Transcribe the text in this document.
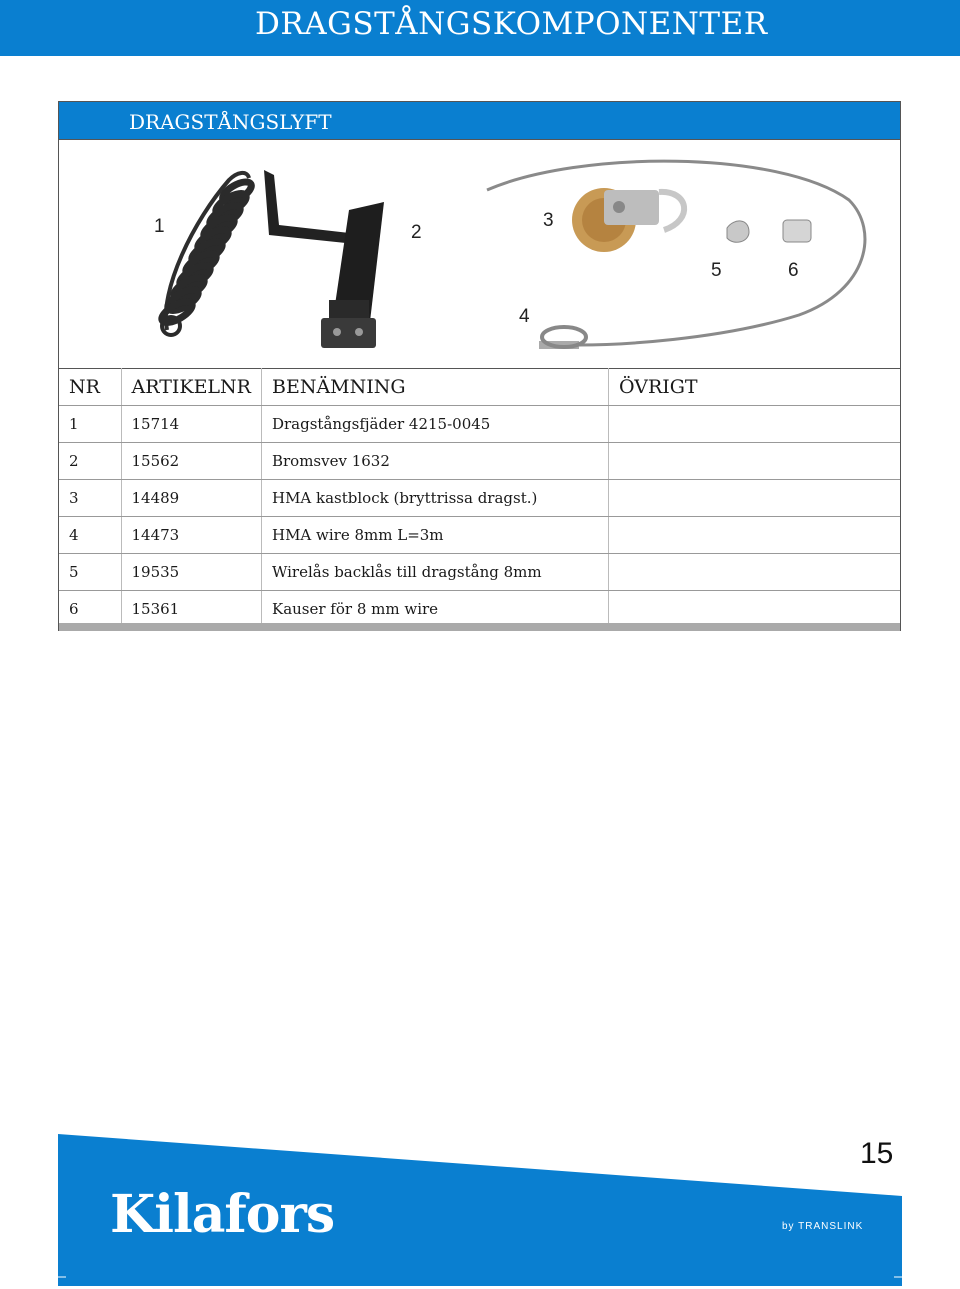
DRAGSTÅNGSKOMPONENTER
DRAGSTÅNGSLYFT
1	2
3
4
5	6
NR	ARTIKELNR	BENÄMNING	ÖVRIGT
1	15714	Dragstångsfjäder 4215-0045	
2	15562	Bromsvev 1632	
3	14489	HMA kastblock (bryttrissa dragst.)	
4	14473	HMA wire 8mm L=3m	
5	19535	Wirelås backlås till dragstång 8mm	
6	15361	Kauser för 8 mm wire	
15
Kilafors	by TRANSLINK
